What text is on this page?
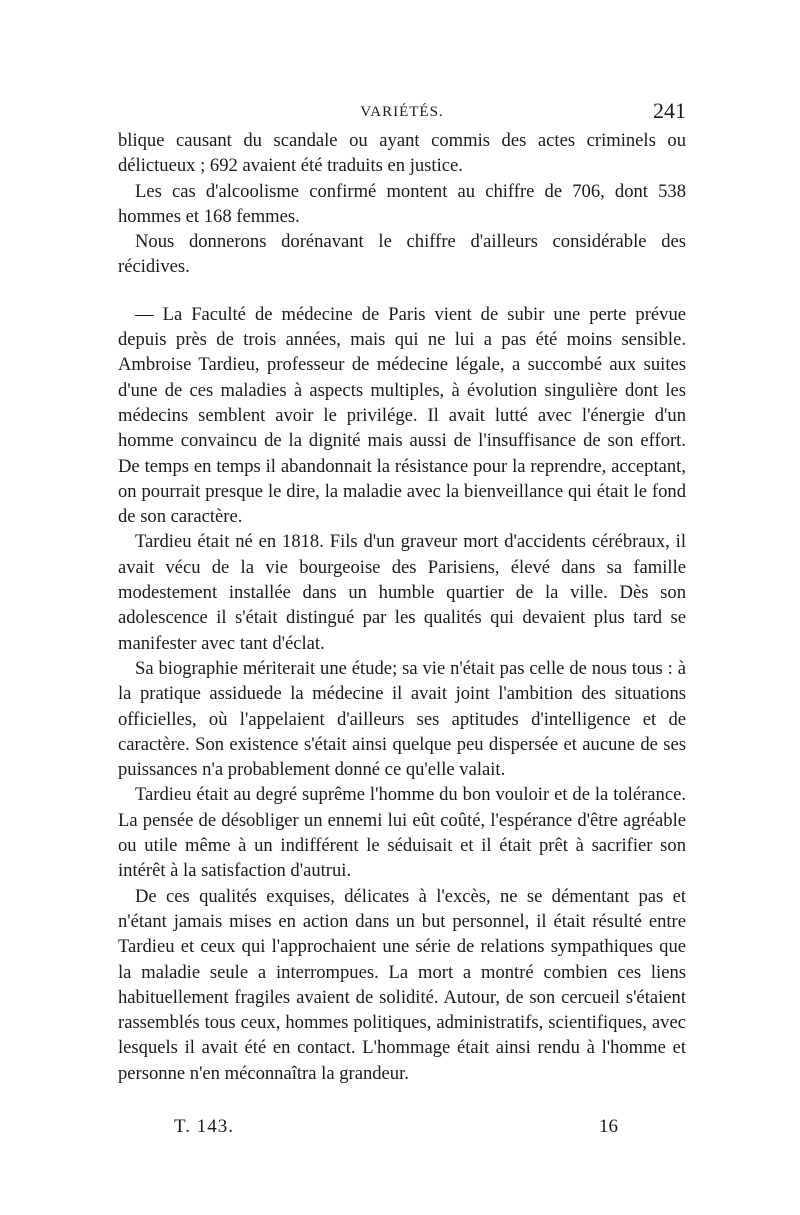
VARIÉTÉS.	241

blique causant du scandale ou ayant commis des actes criminels ou délictueux ; 692 avaient été traduits en justice.

Les cas d'alcoolisme confirmé montent au chiffre de 706, dont 538 hommes et 168 femmes.

Nous donnerons dorénavant le chiffre d'ailleurs considérable des récidives.

— La Faculté de médecine de Paris vient de subir une perte prévue depuis près de trois années, mais qui ne lui a pas été moins sensible. Ambroise Tardieu, professeur de médecine légale, a succombé aux suites d'une de ces maladies à aspects multiples, à évolution singulière dont les médecins semblent avoir le privilége. Il avait lutté avec l'énergie d'un homme convaincu de la dignité mais aussi de l'insuffisance de son effort. De temps en temps il abandonnait la résistance pour la reprendre, acceptant, on pourrait presque le dire, la maladie avec la bienveillance qui était le fond de son caractère.

Tardieu était né en 1818. Fils d'un graveur mort d'accidents cérébraux, il avait vécu de la vie bourgeoise des Parisiens, élevé dans sa famille modestement installée dans un humble quartier de la ville. Dès son adolescence il s'était distingué par les qualités qui devaient plus tard se manifester avec tant d'éclat.

Sa biographie mériterait une étude; sa vie n'était pas celle de nous tous : à la pratique assiduede la médecine il avait joint l'ambition des situations officielles, où l'appelaient d'ailleurs ses aptitudes d'intelligence et de caractère. Son existence s'était ainsi quelque peu dispersée et aucune de ses puissances n'a probablement donné ce qu'elle valait.

Tardieu était au degré suprême l'homme du bon vouloir et de la tolérance. La pensée de désobliger un ennemi lui eût coûté, l'espérance d'être agréable ou utile même à un indifférent le séduisait et il était prêt à sacrifier son intérêt à la satisfaction d'autrui.

De ces qualités exquises, délicates à l'excès, ne se démentant pas et n'étant jamais mises en action dans un but personnel, il était résulté entre Tardieu et ceux qui l'approchaient une série de relations sympathiques que la maladie seule a interrompues. La mort a montré combien ces liens habituellement fragiles avaient de solidité. Autour, de son cercueil s'étaient rassemblés tous ceux, hommes politiques, administratifs, scientifiques, avec lesquels il avait été en contact. L'hommage était ainsi rendu à l'homme et personne n'en méconnaîtra la grandeur.

T. 143.	16
